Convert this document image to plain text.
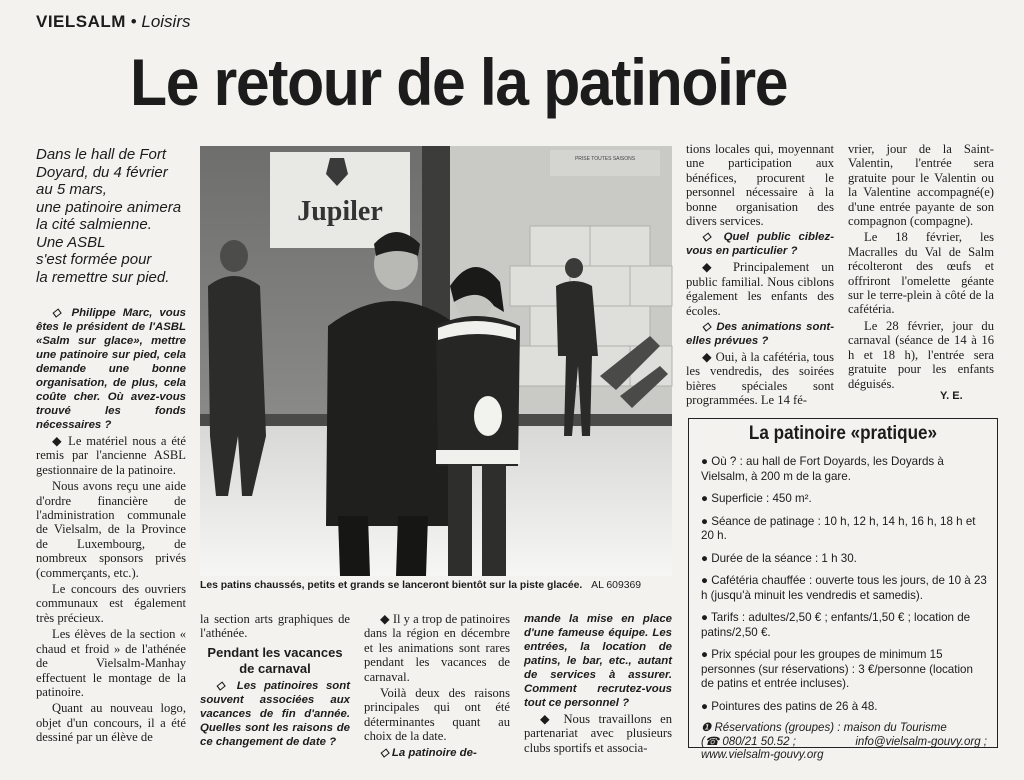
VIELSALM • Loisirs
Le retour de la patinoire
Dans le hall de Fort
Doyard, du 4 février
au 5 mars,
une patinoire animera
la cité salmienne.
Une ASBL
s'est formée pour
la remettre sur pied.

◇ Philippe Marc, vous êtes le président de l'ASBL «Salm sur glace», mettre une patinoire sur pied, cela demande une bonne organisation, de plus, cela coûte cher. Où avez-vous trouvé les fonds nécessaires ?

◆ Le matériel nous a été remis par l'ancienne ASBL gestionnaire de la patinoire.

Nous avons reçu une aide d'ordre financière de l'administration communale de Vielsalm, de la Province de Luxembourg, de nombreux sponsors privés (commerçants, etc.).

Le concours des ouvriers communaux est également très précieux.

Les élèves de la section « chaud et froid » de l'athénée de Vielsalm-Manhay effectuent le montage de la patinoire.

Quant au nouveau logo, objet d'un concours, il a été dessiné par un élève de

Jupiler
PRISE TOUTES SAISONS
Les patins chaussés, petits et grands se lanceront bientôt sur la piste glacée. AL 609369

la section arts graphiques de l'athénée.

Pendant les vacances de carnaval

◇ Les patinoires sont souvent associées aux vacances de fin d'année. Quelles sont les raisons de ce changement de date ?

◆ Il y a trop de patinoires dans la région en décembre et les animations sont rares pendant les vacances de carnaval.

Voilà deux des raisons principales qui ont été déterminantes quant au choix de la date.

◇ La patinoire de-

mande la mise en place d'une fameuse équipe. Les entrées, la location de patins, le bar, etc., autant de services à assurer. Comment recrutez-vous tout ce personnel ?

◆ Nous travaillons en partenariat avec plusieurs clubs sportifs et associa-

tions locales qui, moyennant une participation aux bénéfices, procurent le personnel nécessaire à la bonne organisation des divers services.

◇ Quel public ciblez-vous en particulier ?

◆ Principalement un public familial. Nous ciblons également les enfants des écoles.

◇ Des animations sont-elles prévues ?

◆ Oui, à la cafétéria, tous les vendredis, des soirées bières spéciales sont programmées. Le 14 fé-

vrier, jour de la Saint-Valentin, l'entrée sera gratuite pour le Valentin ou la Valentine accompagné(e) d'une entrée payante de son compagnon (compagne).

Le 18 février, les Macralles du Val de Salm récolteront des œufs et offriront l'omelette géante sur le terre-plein à côté de la cafétéria.

Le 28 février, jour du carnaval (séance de 14 à 16 h et 18 h), l'entrée sera gratuite pour les enfants déguisés.

Y. E.
La patinoire «pratique»
● Où ? : au hall de Fort Doyards, les Doyards à Vielsalm, à 200 m de la gare.
● Superficie : 450 m².
● Séance de patinage : 10 h, 12 h, 14 h, 16 h, 18 h et 20 h.
● Durée de la séance : 1 h 30.
● Cafétéria chauffée : ouverte tous les jours, de 10 à 23 h (jusqu'à minuit les vendredis et samedis).
● Tarifs : adultes/2,50 € ; enfants/1,50 € ; location de patins/2,50 €.
● Prix spécial pour les groupes de minimum 15 personnes (sur réservations) : 3 €/personne (location de patins et entrée incluses).
● Pointures des patins de 26 à 48.
❶ Réservations (groupes) : maison du Tourisme
(☎ 080/21 50.52 ;	info@vielsalm-gouvy.org ;
www.vielsalm-gouvy.org
